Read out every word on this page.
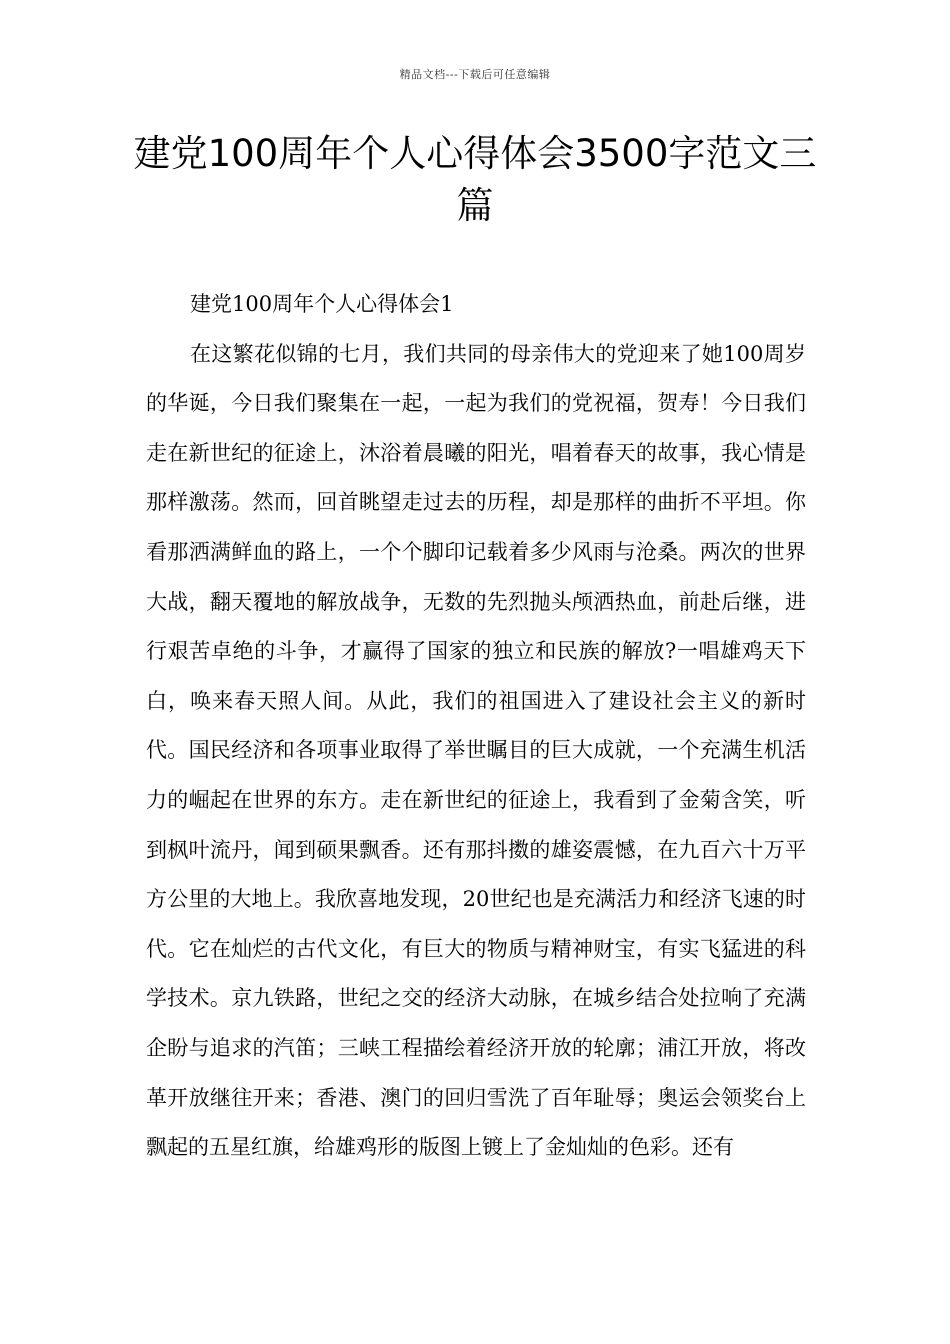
精品文档---下载后可任意编辑
建党100周年个人心得体会3500字范文三篇

建党100周年个人心得体会1

在这繁花似锦的七月，我们共同的母亲伟大的党迎来了她100周岁的华诞，今日我们聚集在一起，一起为我们的党祝福，贺寿！今日我们走在新世纪的征途上，沐浴着晨曦的阳光，唱着春天的故事，我心情是那样激荡。然而，回首眺望走过去的历程，却是那样的曲折不平坦。你看那洒满鲜血的路上，一个个脚印记载着多少风雨与沧桑。两次的世界大战，翻天覆地的解放战争，无数的先烈抛头颅洒热血，前赴后继，进行艰苦卓绝的斗争，才赢得了国家的独立和民族的解放?一唱雄鸡天下白，唤来春天照人间。从此，我们的祖国进入了建设社会主义的新时代。国民经济和各项事业取得了举世瞩目的巨大成就，一个充满生机活力的崛起在世界的东方。走在新世纪的征途上，我看到了金菊含笑，听到枫叶流丹，闻到硕果飘香。还有那抖擞的雄姿震憾，在九百六十万平方公里的大地上。我欣喜地发现，20世纪也是充满活力和经济飞速的时代。它在灿烂的古代文化，有巨大的物质与精神财宝，有实飞猛进的科学技术。京九铁路，世纪之交的经济大动脉，在城乡结合处拉响了充满企盼与追求的汽笛；三峡工程描绘着经济开放的轮廓；浦江开放，将改革开放继往开来；香港、澳门的回归雪洗了百年耻辱；奥运会领奖台上飘起的五星红旗，给雄鸡形的版图上镀上了金灿灿的色彩。还有
